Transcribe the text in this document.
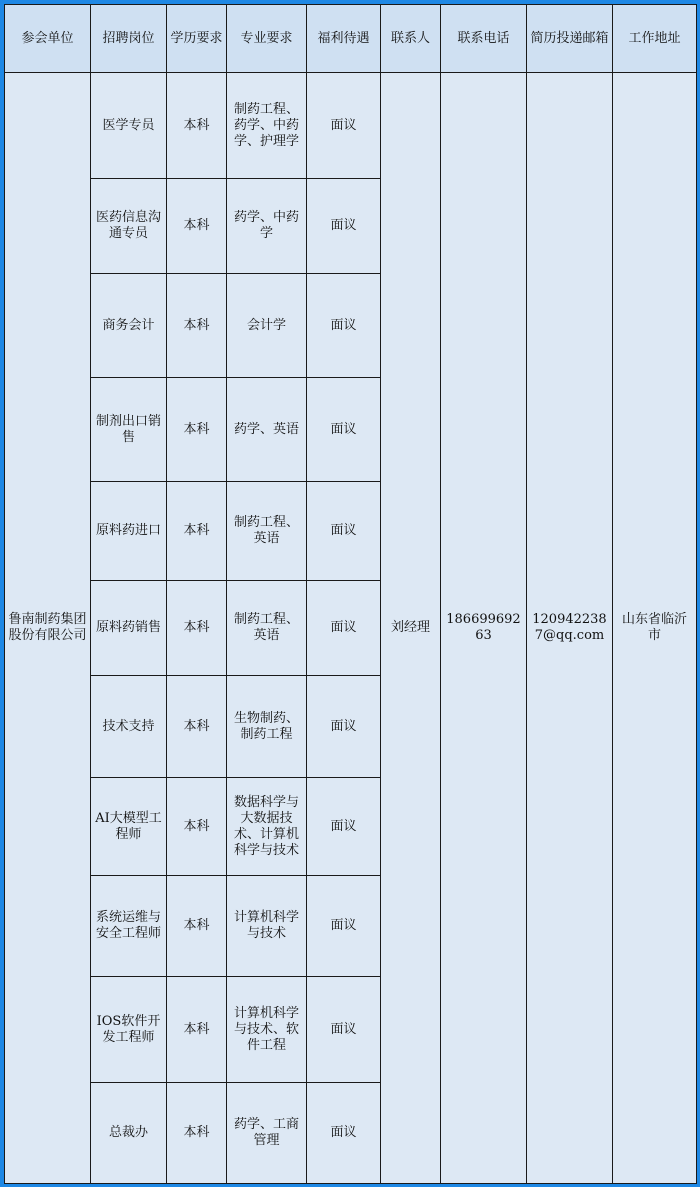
参会单位	招聘岗位	学历要求	专业要求	福利待遇	联系人	联系电话	简历投递邮箱	工作地址
鲁南制药集团股份有限公司	医学专员	本科	制药工程、药学、中药学、护理学	面议	刘经理	18669969263	1209422387@qq.com	山东省临沂市
	医药信息沟通专员	本科	药学、中药学	面议				
	商务会计	本科	会计学	面议				
	制剂出口销售	本科	药学、英语	面议				
	原料药进口	本科	制药工程、英语	面议				
	原料药销售	本科	制药工程、英语	面议				
	技术支持	本科	生物制药、制药工程	面议				
	AI大模型工程师	本科	数据科学与大数据技术、计算机科学与技术	面议				
	系统运维与安全工程师	本科	计算机科学与技术	面议				
	IOS软件开发工程师	本科	计算机科学与技术、软件工程	面议				
	总裁办	本科	药学、工商管理	面议				
